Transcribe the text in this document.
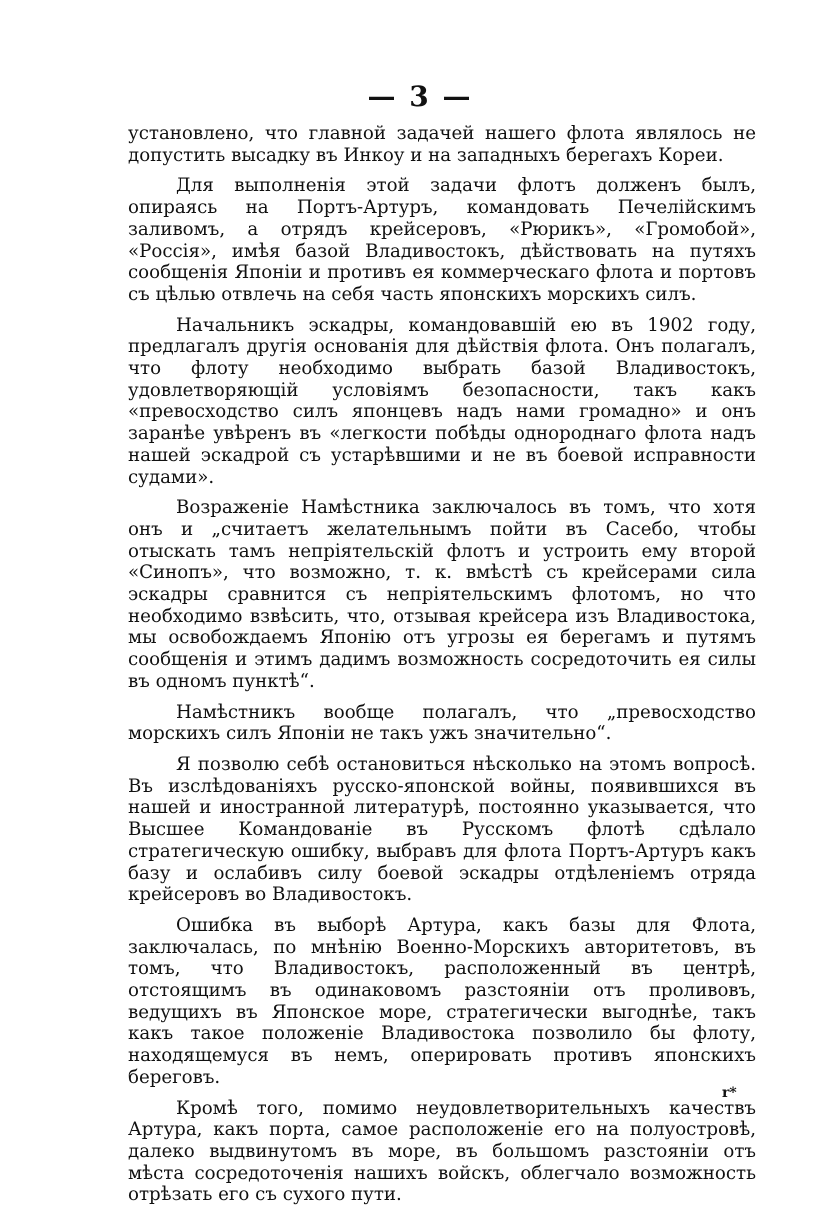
— 3 —

установлено, что главной задачей нашего флота являлось не допустить высадку въ Инкоу и на западныхъ берегахъ Кореи.

Для выполненія этой задачи флотъ долженъ былъ, опираясь на Портъ-Артуръ, командовать Печелійскимъ заливомъ, а отрядъ крейсеровъ, «Рюрикъ», «Громобой», «Россія», имѣя базой Владивостокъ, дѣйствовать на путяхъ сообщенія Японіи и противъ ея коммерческаго флота и портовъ съ цѣлью отвлечь на себя часть японскихъ морскихъ силъ.

Начальникъ эскадры, командовавшій ею въ 1902 году, предлагалъ другія основанія для дѣйствія флота. Онъ полагалъ, что флоту необходимо выбрать базой Владивостокъ, удовлетворяющій условіямъ безопасности, такъ какъ «превосходство силъ японцевъ надъ нами громадно» и онъ заранѣе увѣренъ въ «легкости побѣды однороднаго флота надъ нашей эскадрой съ устарѣвшими и не въ боевой исправности судами».

Возраженіе Намѣстника заключалось въ томъ, что хотя онъ и „считаетъ желательнымъ пойти въ Сасебо, чтобы отыскать тамъ непріятельскій флотъ и устроить ему второй «Синопъ», что возможно, т. к. вмѣстѣ съ крейсерами сила эскадры сравнится съ непріятельскимъ флотомъ, но что необходимо взвѣсить, что, отзывая крейсера изъ Владивостока, мы освобождаемъ Японію отъ угрозы ея берегамъ и путямъ сообщенія и этимъ дадимъ возможность сосредоточить ея силы въ одномъ пунктѣ“.

Намѣстникъ вообще полагалъ, что „превосходство морскихъ силъ Японіи не такъ ужъ значительно“.

Я позволю себѣ остановиться нѣсколько на этомъ вопросѣ. Въ изслѣдованіяхъ русско-японской войны, появившихся въ нашей и иностранной литературѣ, постоянно указывается, что Высшее Командованіе въ Русскомъ флотѣ сдѣлало стратегическую ошибку, выбравъ для флота Портъ-Артуръ какъ базу и ослабивъ силу боевой эскадры отдѣленіемъ отряда крейсеровъ во Владивостокъ.

Ошибка въ выборѣ Артура, какъ базы для Флота, заключалась, по мнѣнію Военно-Морскихъ авторитетовъ, въ томъ, что Владивостокъ, расположенный въ центрѣ, отстоящимъ въ одинаковомъ разстояніи отъ проливовъ, ведущихъ въ Японское море, стратегически выгоднѣе, такъ какъ такое положеніе Владивостока позволило бы флоту, находящемуся въ немъ, оперировать противъ японскихъ береговъ.

Кромѣ того, помимо неудовлетворительныхъ качествъ Артура, какъ порта, самое расположеніе его на полуостровѣ, далеко выдвинутомъ въ море, въ большомъ разстояніи отъ мѣста сосредоточенія нашихъ войскъ, облегчало возможность отрѣзать его съ сухого пути.

r*
